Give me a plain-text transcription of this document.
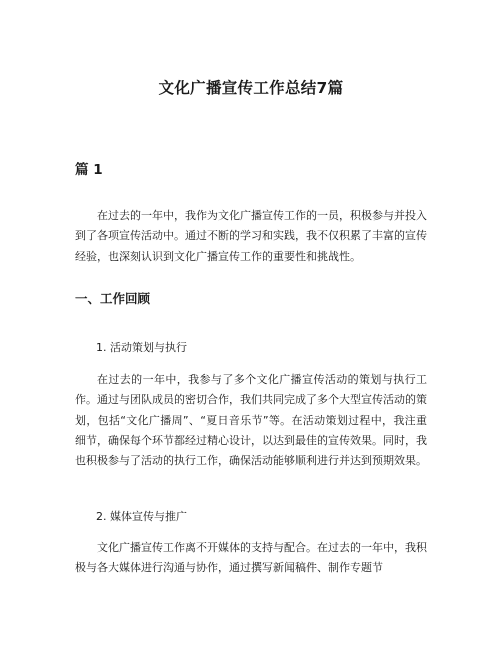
文化广播宣传工作总结7篇
篇 1

在过去的一年中，我作为文化广播宣传工作的一员，积极参与并投入到了各项宣传活动中。通过不断的学习和实践，我不仅积累了丰富的宣传经验，也深刻认识到文化广播宣传工作的重要性和挑战性。

一、工作回顾

1. 活动策划与执行

在过去的一年中，我参与了多个文化广播宣传活动的策划与执行工作。通过与团队成员的密切合作，我们共同完成了多个大型宣传活动的策划，包括“文化广播周”、“夏日音乐节”等。在活动策划过程中，我注重细节，确保每个环节都经过精心设计，以达到最佳的宣传效果。同时，我也积极参与了活动的执行工作，确保活动能够顺利进行并达到预期效果。

2. 媒体宣传与推广

文化广播宣传工作离不开媒体的支持与配合。在过去的一年中，我积极与各大媒体进行沟通与协作，通过撰写新闻稿件、制作专题节
